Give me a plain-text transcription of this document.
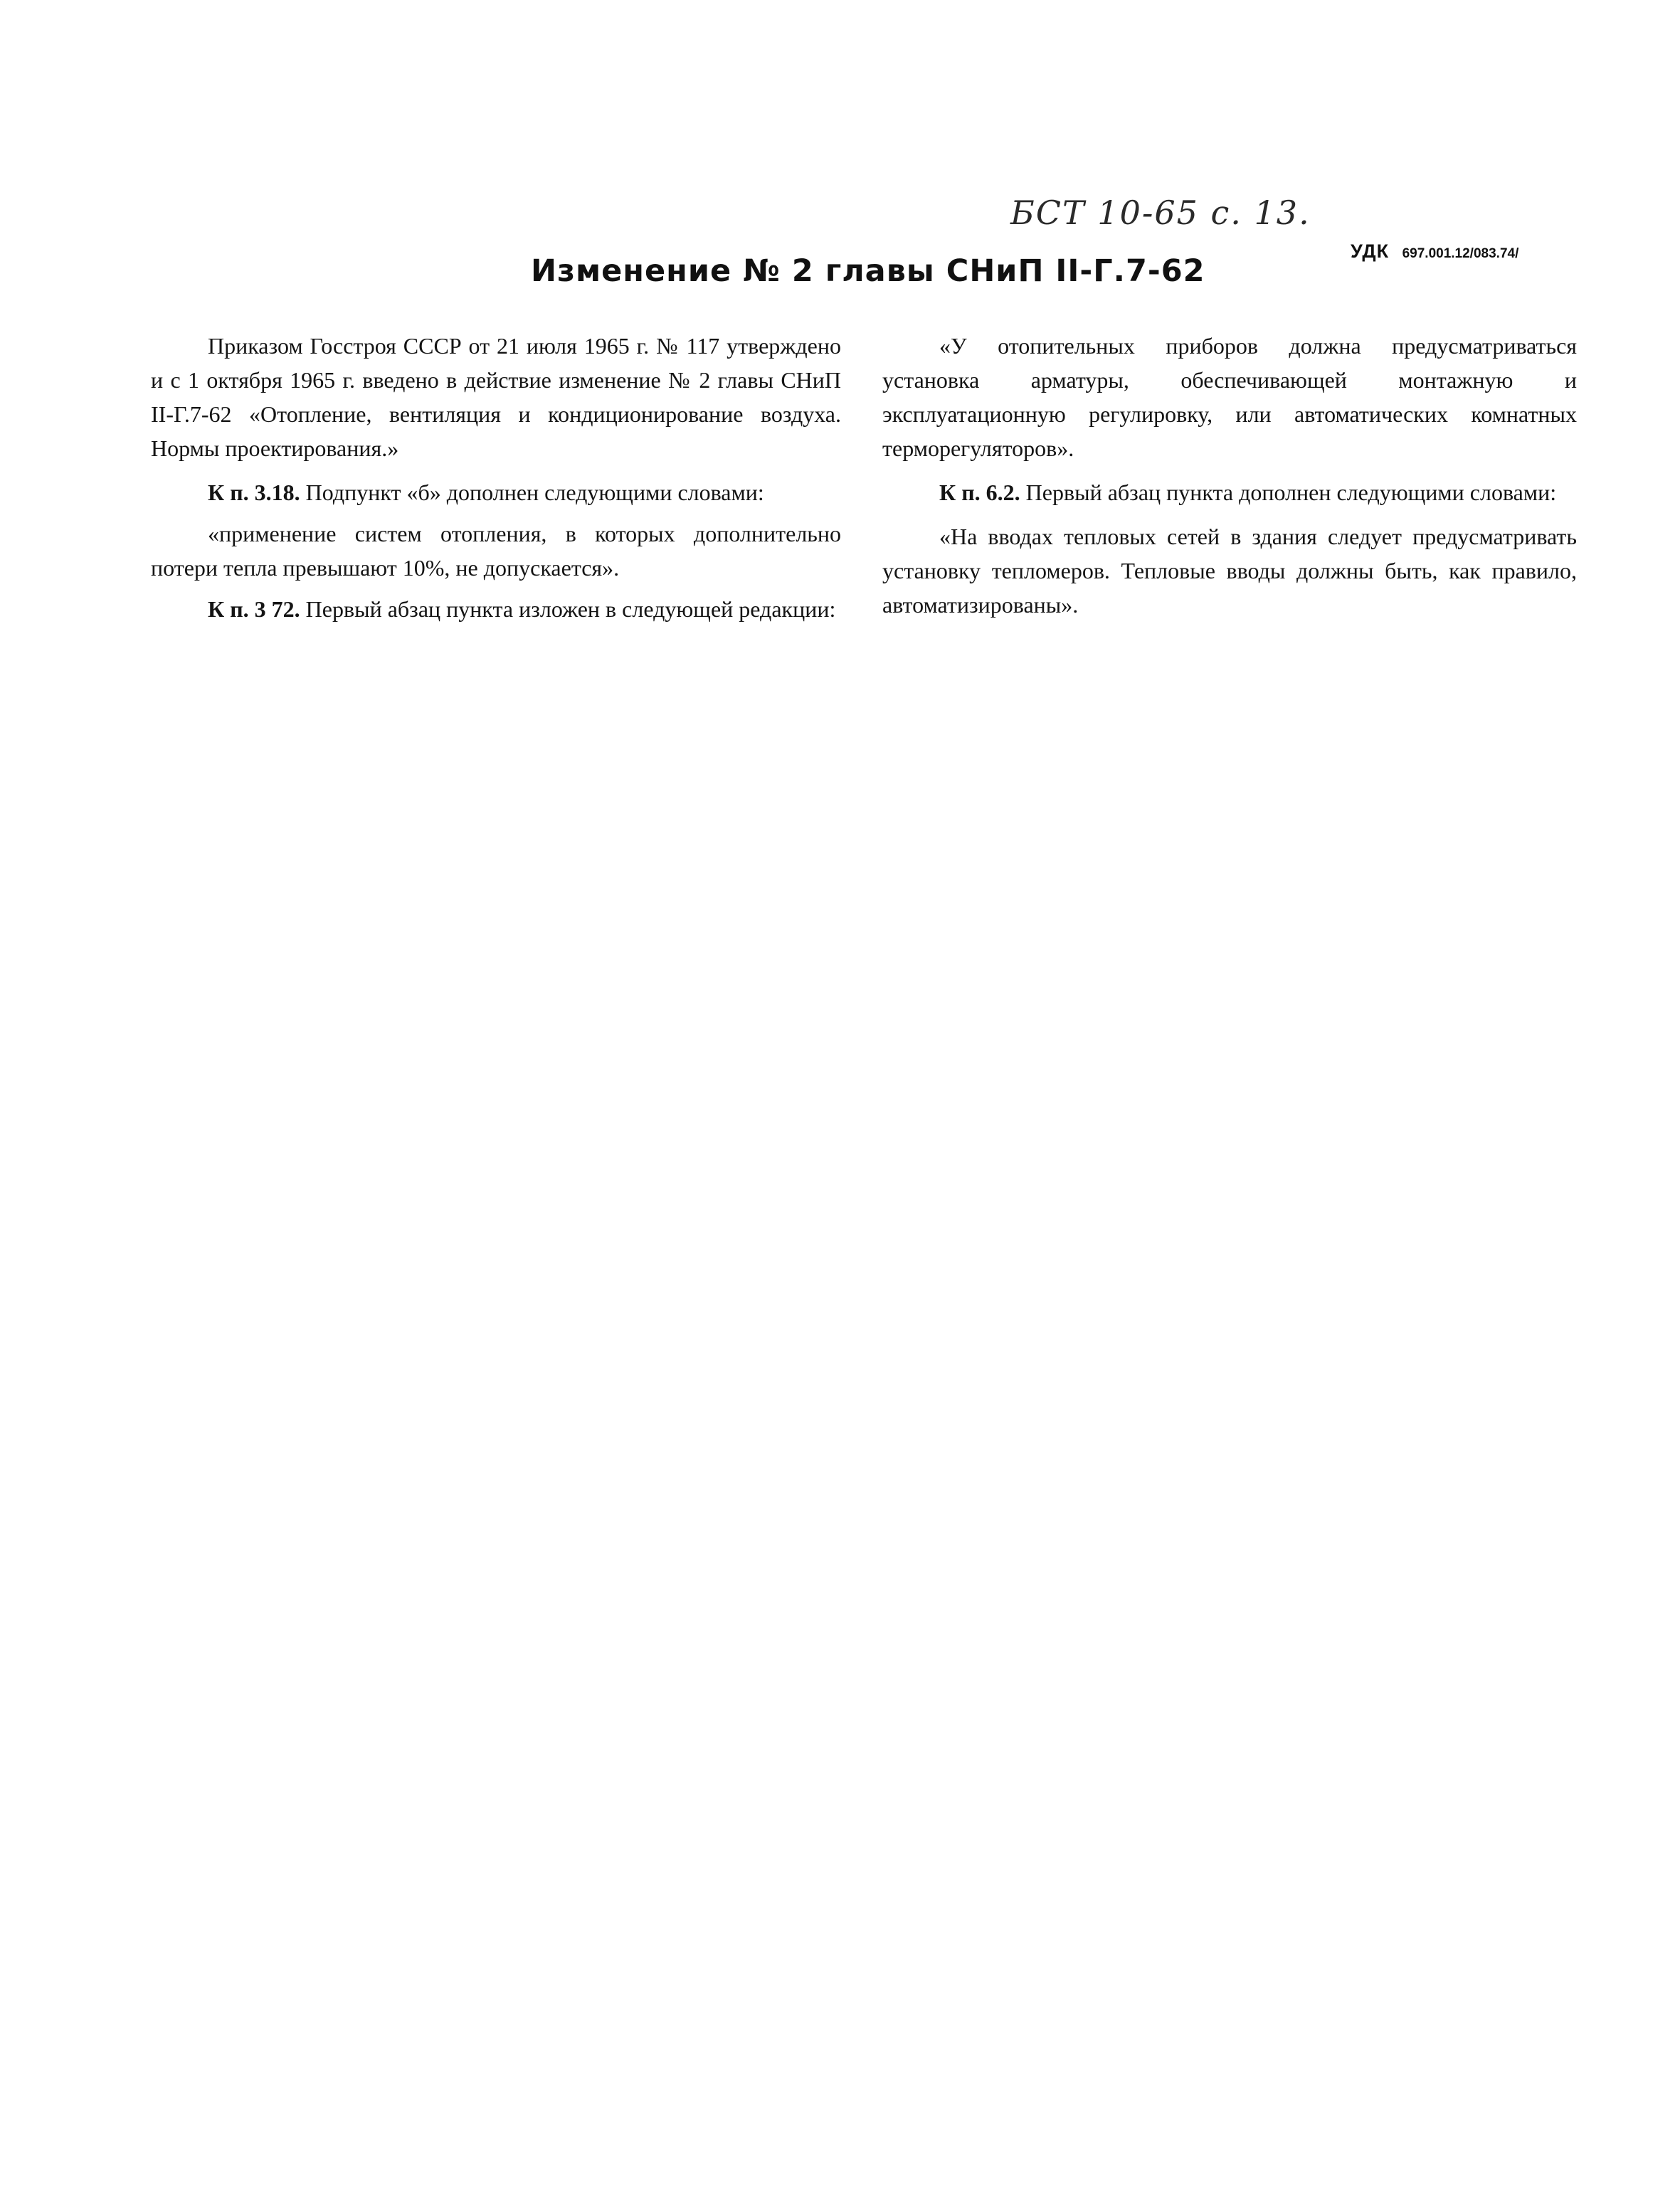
БСТ 10-65 с. 13.
УДК 697.001.12/083.74/
Изменение № 2 главы СНиП II-Г.7-62

Приказом Госстроя СССР от 21 июля 1965 г. № 117 утверждено и с 1 октября 1965 г. введено в действие изменение № 2 главы СНиП II-Г.7-62 «Отопление, вентиляция и кондиционирование воздуха. Нормы проектирования.»

К п. 3.18. Подпункт «б» дополнен следующими словами:

«применение систем отопления, в которых дополнительно потери тепла превышают 10%, не допускается».

К п. 3 72. Первый абзац пункта изложен в следующей редакции:

«У отопительных приборов должна предусматриваться установка арматуры, обеспечивающей монтажную и эксплуатационную регулировку, или автоматических комнатных терморегуляторов».

К п. 6.2. Первый абзац пункта дополнен следующими словами:

«На вводах тепловых сетей в здания следует предусматривать установку тепломеров. Тепловые вводы должны быть, как правило, автоматизированы».
